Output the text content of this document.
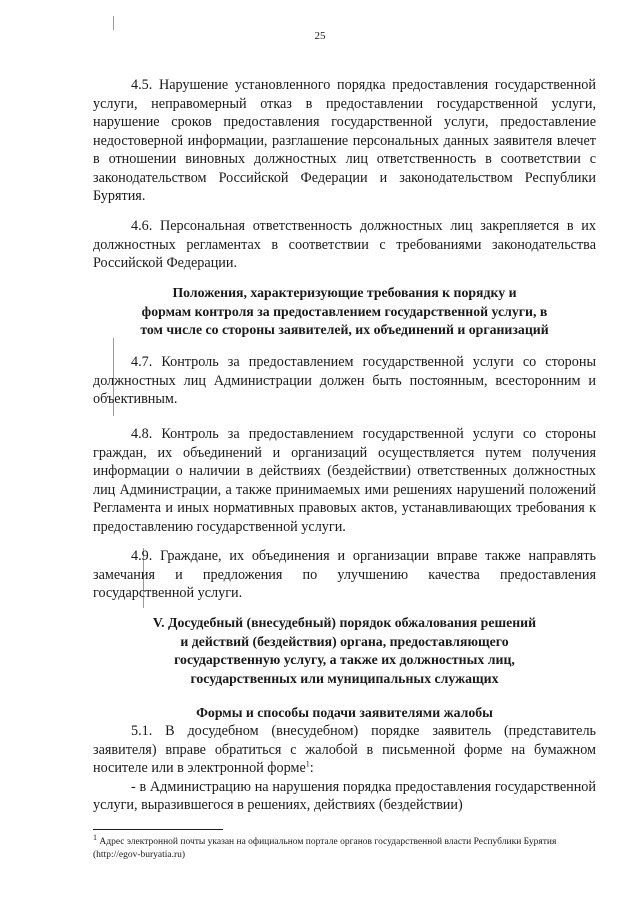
25

4.5. Нарушение установленного порядка предоставления государственной услуги, неправомерный отказ в предоставлении государственной услуги, нарушение сроков предоставления государственной услуги, предоставление недостоверной информации, разглашение персональных данных заявителя влечет в отношении виновных должностных лиц ответственность в соответствии с законодательством Российской Федерации и законодательством Республики Бурятия.

4.6. Персональная ответственность должностных лиц закрепляется в их должностных регламентах в соответствии с требованиями законодательства Российской Федерации.

Положения, характеризующие требования к порядку и

формам контроля за предоставлением государственной услуги, в

том числе со стороны заявителей, их объединений и организаций

4.7. Контроль за предоставлением государственной услуги со стороны должностных лиц Администрации должен быть постоянным, всесторонним и объективным.

4.8. Контроль за предоставлением государственной услуги со стороны граждан, их объединений и организаций осуществляется путем получения информации о наличии в действиях (бездействии) ответственных должностных лиц Администрации, а также принимаемых ими решениях нарушений положений Регламента и иных нормативных правовых актов, устанавливающих требования к предоставлению государственной услуги.

4.9. Граждане, их объединения и организации вправе также направлять замечания и предложения по улучшению качества предоставления государственной услуги.

V. Досудебный (внесудебный) порядок обжалования решений

и действий (бездействия) органа, предоставляющего

государственную услугу, а также их должностных лиц,

государственных или муниципальных служащих

Формы и способы подачи заявителями жалобы

5.1. В досудебном (внесудебном) порядке заявитель (представитель заявителя) вправе обратиться с жалобой в письменной форме на бумажном носителе или в электронной форме$^1$:

- в Администрацию на нарушения порядка предоставления государственной услуги, выразившегося в решениях, действиях (бездействии)

$^1$ Адрес электронной почты указан на официальном портале органов государственной власти Республики Бурятия (http://egov-buryatia.ru)
